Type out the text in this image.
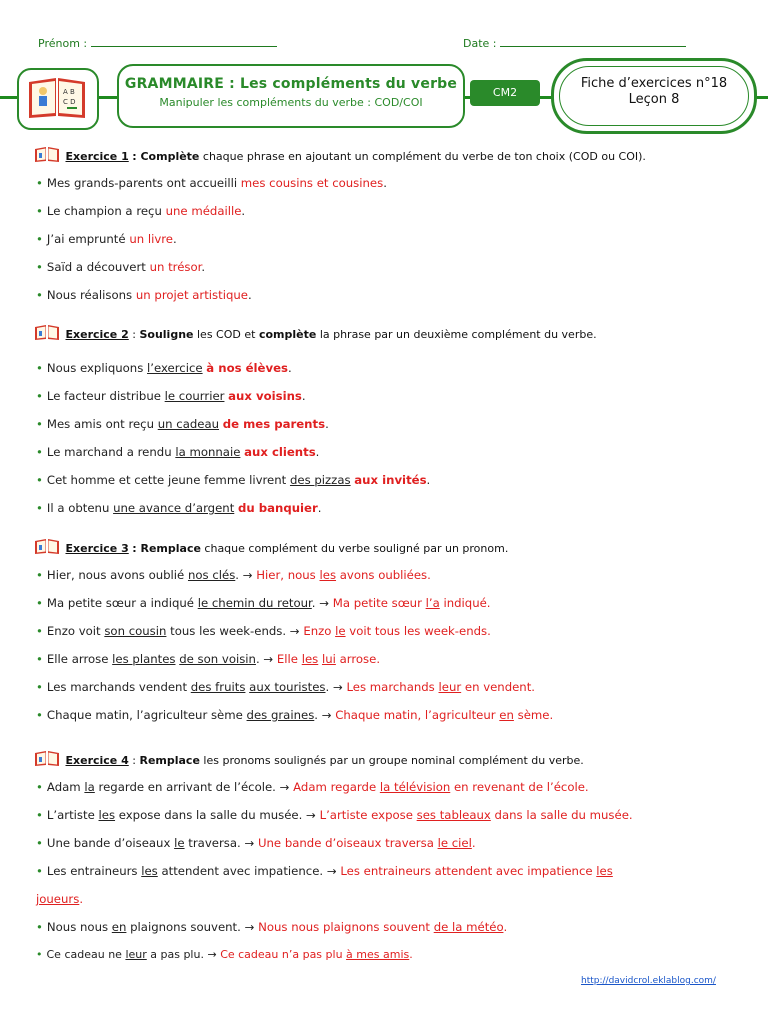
Prénom :	Date :
A B
C D
GRAMMAIRE : Les compléments du verbe
Manipuler les compléments du verbe : COD/COI
CM2
Fiche d’exercices n°18
Leçon 8
Exercice 1 : Complète chaque phrase en ajoutant un complément du verbe de ton choix (COD ou COI).
• Mes grands-parents ont accueilli mes cousins et cousines.
• Le champion a reçu une médaille.
• J’ai emprunté un livre.
• Saïd a découvert un trésor.
• Nous réalisons un projet artistique.
Exercice 2 : Souligne les COD et complète la phrase par un deuxième complément du verbe.
• Nous expliquons l’exercice à nos élèves.
• Le facteur distribue le courrier aux voisins.
• Mes amis ont reçu un cadeau de mes parents.
• Le marchand a rendu la monnaie aux clients.
• Cet homme et cette jeune femme livrent des pizzas aux invités.
• Il a obtenu une avance d’argent du banquier.
Exercice 3 : Remplace chaque complément du verbe souligné par un pronom.
• Hier, nous avons oublié nos clés. → Hier, nous les avons oubliées.
• Ma petite sœur a indiqué le chemin du retour. → Ma petite sœur l’a indiqué.
• Enzo voit son cousin tous les week-ends. → Enzo le voit tous les week-ends.
• Elle arrose les plantes de son voisin. → Elle les lui arrose.
• Les marchands vendent des fruits aux touristes. → Les marchands leur en vendent.
• Chaque matin, l’agriculteur sème des graines. → Chaque matin, l’agriculteur en sème.
Exercice 4 : Remplace les pronoms soulignés par un groupe nominal complément du verbe.
• Adam la regarde en arrivant de l’école. → Adam regarde la télévision en revenant de l’école.
• L’artiste les expose dans la salle du musée. → L’artiste expose ses tableaux dans la salle du musée.
• Une bande d’oiseaux le traversa. → Une bande d’oiseaux traversa le ciel.
• Les entraineurs les attendent avec impatience. → Les entraineurs attendent avec impatience les
joueurs.
• Nous nous en plaignons souvent. → Nous nous plaignons souvent de la météo.
• Ce cadeau ne leur a pas plu. → Ce cadeau n’a pas plu à mes amis.
http://davidcrol.eklablog.com/
